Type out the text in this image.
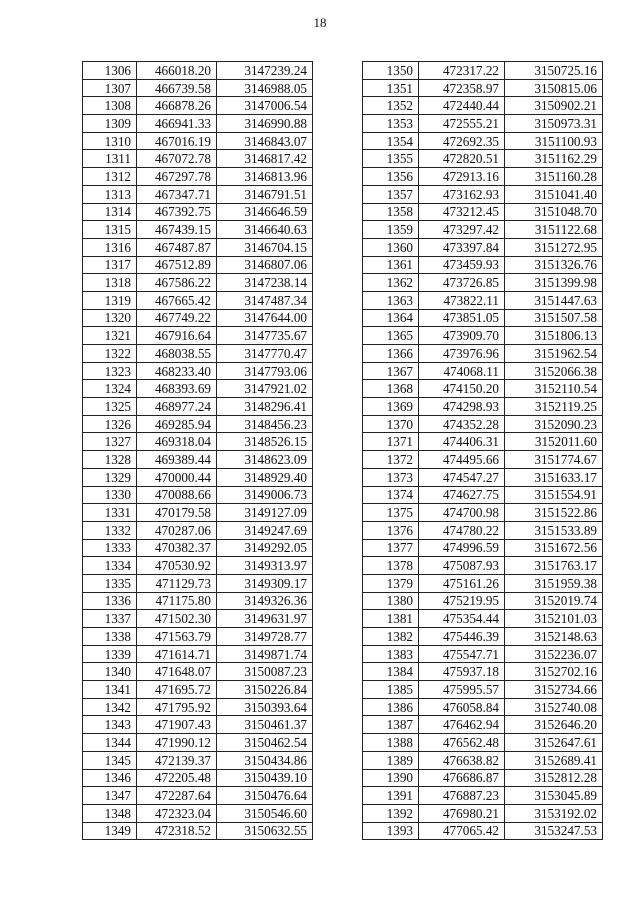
18
1306	466018.20	3147239.24
1307	466739.58	3146988.05
1308	466878.26	3147006.54
1309	466941.33	3146990.88
1310	467016.19	3146843.07
1311	467072.78	3146817.42
1312	467297.78	3146813.96
1313	467347.71	3146791.51
1314	467392.75	3146646.59
1315	467439.15	3146640.63
1316	467487.87	3146704.15
1317	467512.89	3146807.06
1318	467586.22	3147238.14
1319	467665.42	3147487.34
1320	467749.22	3147644.00
1321	467916.64	3147735.67
1322	468038.55	3147770.47
1323	468233.40	3147793.06
1324	468393.69	3147921.02
1325	468977.24	3148296.41
1326	469285.94	3148456.23
1327	469318.04	3148526.15
1328	469389.44	3148623.09
1329	470000.44	3148929.40
1330	470088.66	3149006.73
1331	470179.58	3149127.09
1332	470287.06	3149247.69
1333	470382.37	3149292.05
1334	470530.92	3149313.97
1335	471129.73	3149309.17
1336	471175.80	3149326.36
1337	471502.30	3149631.97
1338	471563.79	3149728.77
1339	471614.71	3149871.74
1340	471648.07	3150087.23
1341	471695.72	3150226.84
1342	471795.92	3150393.64
1343	471907.43	3150461.37
1344	471990.12	3150462.54
1345	472139.37	3150434.86
1346	472205.48	3150439.10
1347	472287.64	3150476.64
1348	472323.04	3150546.60
1349	472318.52	3150632.55
1350	472317.22	3150725.16
1351	472358.97	3150815.06
1352	472440.44	3150902.21
1353	472555.21	3150973.31
1354	472692.35	3151100.93
1355	472820.51	3151162.29
1356	472913.16	3151160.28
1357	473162.93	3151041.40
1358	473212.45	3151048.70
1359	473297.42	3151122.68
1360	473397.84	3151272.95
1361	473459.93	3151326.76
1362	473726.85	3151399.98
1363	473822.11	3151447.63
1364	473851.05	3151507.58
1365	473909.70	3151806.13
1366	473976.96	3151962.54
1367	474068.11	3152066.38
1368	474150.20	3152110.54
1369	474298.93	3152119.25
1370	474352.28	3152090.23
1371	474406.31	3152011.60
1372	474495.66	3151774.67
1373	474547.27	3151633.17
1374	474627.75	3151554.91
1375	474700.98	3151522.86
1376	474780.22	3151533.89
1377	474996.59	3151672.56
1378	475087.93	3151763.17
1379	475161.26	3151959.38
1380	475219.95	3152019.74
1381	475354.44	3152101.03
1382	475446.39	3152148.63
1383	475547.71	3152236.07
1384	475937.18	3152702.16
1385	475995.57	3152734.66
1386	476058.84	3152740.08
1387	476462.94	3152646.20
1388	476562.48	3152647.61
1389	476638.82	3152689.41
1390	476686.87	3152812.28
1391	476887.23	3153045.89
1392	476980.21	3153192.02
1393	477065.42	3153247.53
